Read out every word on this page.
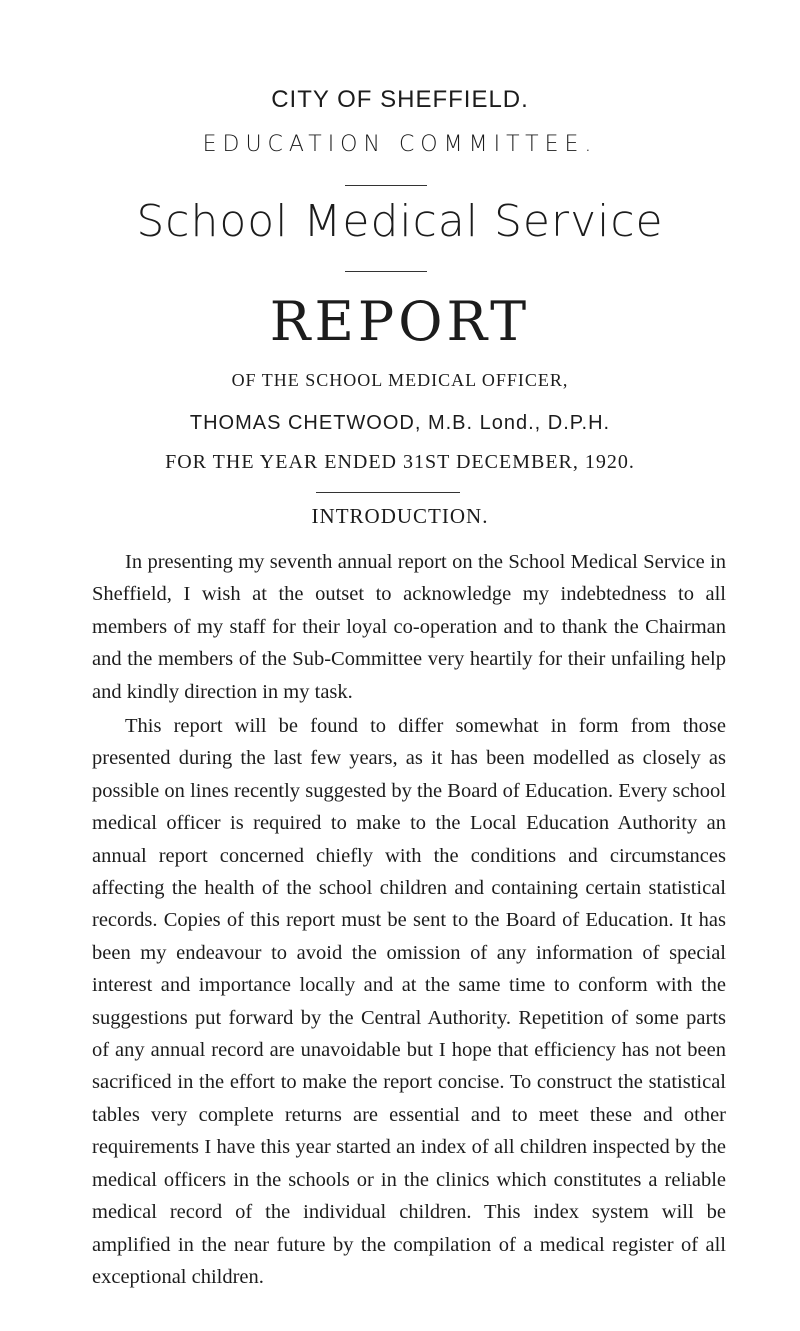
CITY OF SHEFFIELD.
EDUCATION COMMITTEE.
School Medical Service
REPORT
OF THE SCHOOL MEDICAL OFFICER,
THOMAS CHETWOOD, M.B. Lond., D.P.H.
FOR THE YEAR ENDED 31ST DECEMBER, 1920.
INTRODUCTION.

In presenting my seventh annual report on the School Medical Service in Sheffield, I wish at the outset to acknowledge my indebtedness to all members of my staff for their loyal co-operation and to thank the Chairman and the members of the Sub-Committee very heartily for their unfailing help and kindly direction in my task.

This report will be found to differ somewhat in form from those presented during the last few years, as it has been modelled as closely as possible on lines recently suggested by the Board of Education. Every school medical officer is required to make to the Local Education Authority an annual report concerned chiefly with the conditions and circumstances affecting the health of the school children and containing certain statistical records. Copies of this report must be sent to the Board of Education. It has been my endeavour to avoid the omission of any information of special interest and importance locally and at the same time to conform with the suggestions put forward by the Central Authority. Repetition of some parts of any annual record are unavoidable but I hope that efficiency has not been sacrificed in the effort to make the report concise. To construct the statistical tables very complete returns are essential and to meet these and other requirements I have this year started an index of all children inspected by the medical officers in the schools or in the clinics which constitutes a reliable medical record of the individual children. This index system will be amplified in the near future by the compilation of a medical register of all exceptional children.
